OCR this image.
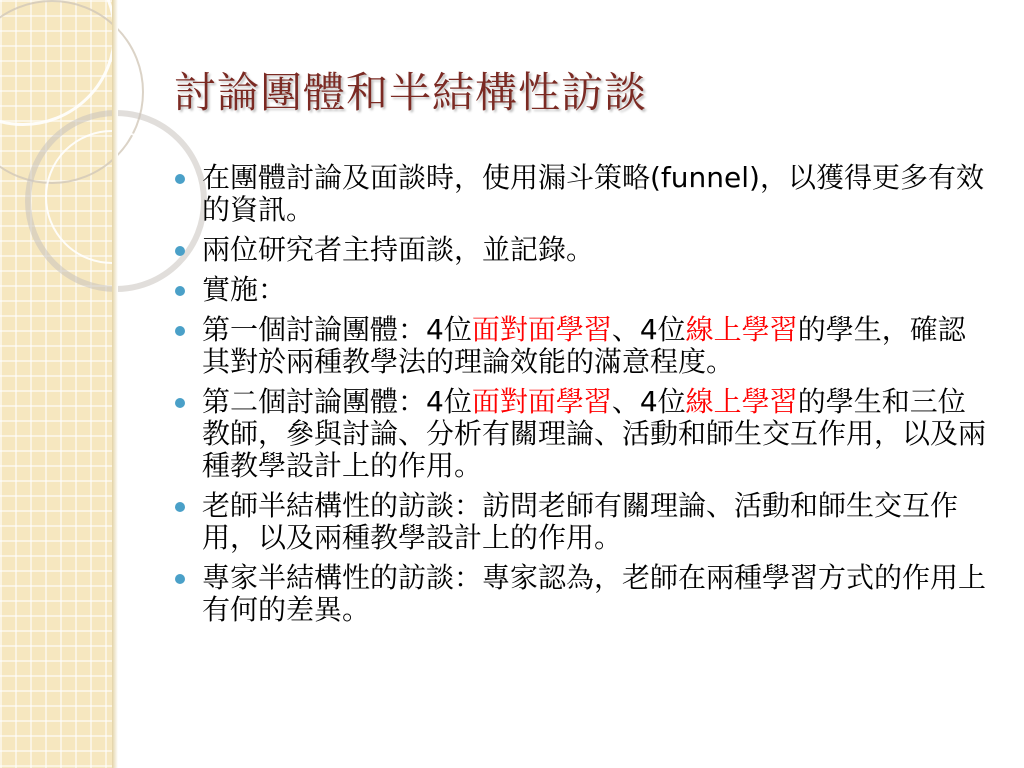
討論團體和半結構性訪談
在團體討論及面談時，使用漏斗策略(funnel)，以獲得更多有效的資訊。
兩位研究者主持面談，並記錄。
實施：
第一個討論團體：4位面對面學習、4位線上學習的學生，確認其對於兩種教學法的理論效能的滿意程度。
第二個討論團體：4位面對面學習、4位線上學習的學生和三位教師，參與討論、分析有關理論、活動和師生交互作用，以及兩種教學設計上的作用。
老師半結構性的訪談：訪問老師有關理論、活動和師生交互作用，以及兩種教學設計上的作用。
專家半結構性的訪談：專家認為，老師在兩種學習方式的作用上有何的差異。
